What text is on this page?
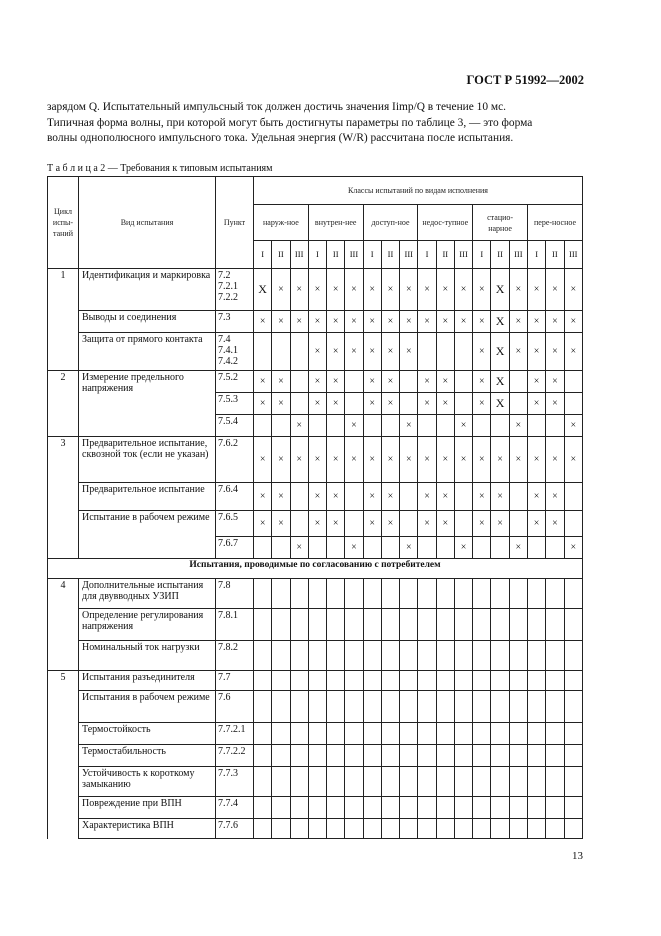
ГОСТ Р 51992—2002

зарядом Q. Испытательный импульсный ток должен достичь значения Iimp/Q в течение 10 мс.

Типичная форма волны, при которой могут быть достигнуты параметры по таблице 3, — это форма

волны однополюсного импульсного тока. Удельная энергия (W/R) рассчитана после испытания.

Т а б л и ц а 2 — Требования к типовым испытаниям
Цикл испы-таний	Вид испытания	Пункт	Классы испытаний по видам исполнения																	
			наруж-ное			внутрен-нее			доступ-ное			недос-тупное			стацио-нарное			пере-носное		
			I	II	III	I	II	III	I	II	III	I	II	III	I	II	III	I	II	III
1	Идентификация и маркировка	7.2
7.2.1
7.2.2	X	×	×	×	×	×	×	×	×	×	×	×	×	X	×	×	×	×
	Выводы и соединения	7.3	×	×	×	×	×	×	×	×	×	×	×	×	×	X	×	×	×	×
	Защита от прямого контакта	7.4
7.4.1
7.4.2				×	×	×	×	×	×				×	X	×	×	×	×
2	Измерение предельного напряжения	7.5.2	×	×		×	×		×	×		×	×		×	X		×	×	

		7.5.3	×	×		×	×		×	×		×	×		×	X		×	×	

		7.5.4			×			×			×			×			×			×
3	Предварительное испытание, сквозной ток (если не указан)	7.6.2	×	×	×	×	×	×	×	×	×	×	×	×	×	×	×	×	×	×
	Предварительное испытание	7.6.4	×	×		×	×		×	×		×	×		×	×		×	×	
	Испытание в рабочем режиме	7.6.5	×	×		×	×		×	×		×	×		×	×		×	×	

		7.6.7			×			×			×			×			×			×
Испытания, проводимые по согласованию с потребителем																				
4	Дополнительные испытания для двувводных УЗИП	7.8																		
	Определение регулирования напряжения	7.8.1																		
	Номинальный ток нагрузки	7.8.2																		
5	Испытания разъединителя	7.7																		
	Испытания в рабочем режиме	7.6																		
	Термостойкость	7.7.2.1																		
	Термостабильность	7.7.2.2																		
	Устойчивость к короткому замыканию	7.7.3																		
	Повреждение при ВПН	7.7.4																		
	Характеристика ВПН	7.7.6																		
13
